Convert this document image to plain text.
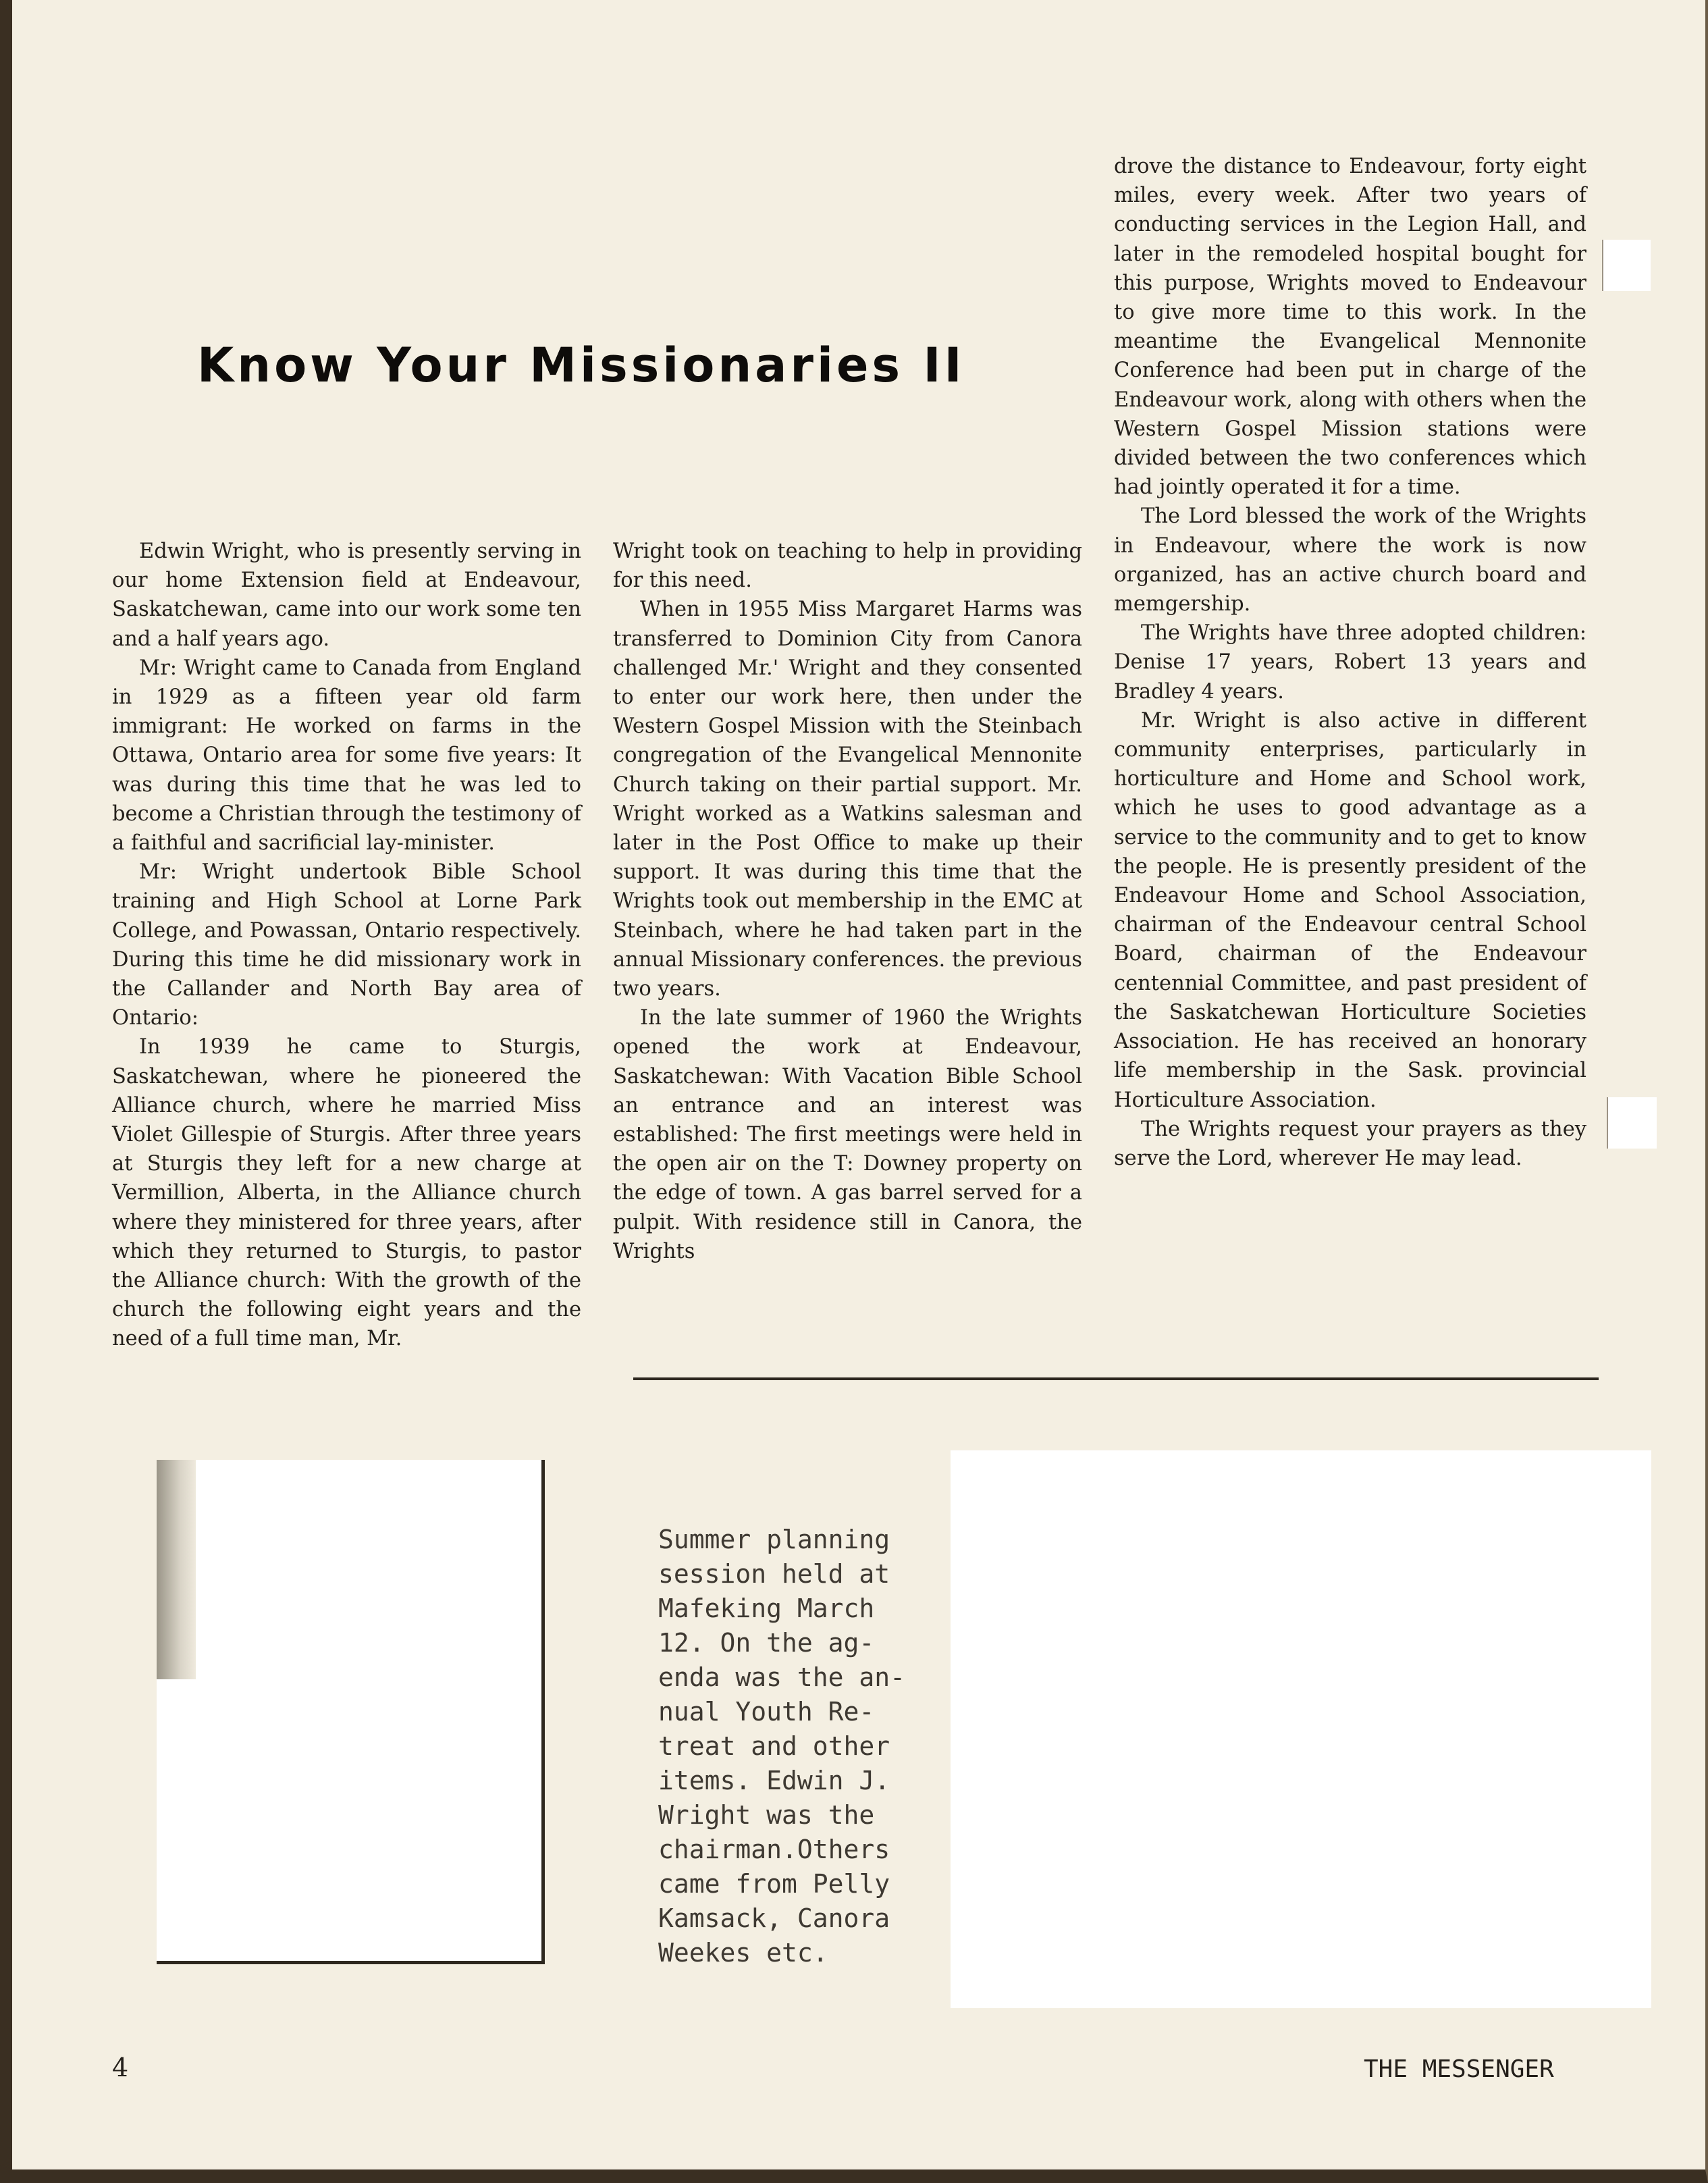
Know Your Missionaries II

Edwin Wright, who is presently serving in our home Extension field at Endeavour, Saskatchewan, came into our work some ten and a half years ago.

Mr: Wright came to Canada from England in 1929 as a fifteen year old farm immigrant: He worked on farms in the Ottawa, Ontario area for some five years: It was during this time that he was led to become a Christian through the testimony of a faithful and sacrificial lay-minister.

Mr: Wright undertook Bible School training and High School at Lorne Park College, and Powassan, Ontario respectively. During this time he did missionary work in the Callander and North Bay area of Ontario:

In 1939 he came to Sturgis, Saskatchewan, where he pioneered the Alliance church, where he married Miss Violet Gillespie of Sturgis. After three years at Sturgis they left for a new charge at Vermillion, Alberta, in the Alliance church where they ministered for three years, after which they returned to Sturgis, to pastor the Alliance church: With the growth of the church the following eight years and the need of a full time man, Mr.

Wright took on teaching to help in providing for this need.

When in 1955 Miss Margaret Harms was transferred to Dominion City from Canora challenged Mr.' Wright and they consented to enter our work here, then under the Western Gospel Mission with the Steinbach congregation of the Evangelical Mennonite Church taking on their partial support. Mr. Wright worked as a Watkins salesman and later in the Post Office to make up their support. It was during this time that the Wrights took out membership in the EMC at Steinbach, where he had taken part in the annual Missionary conferences. the previous two years.

In the late summer of 1960 the Wrights opened the work at Endeavour, Saskatchewan: With Vacation Bible School an entrance and an interest was established: The first meetings were held in the open air on the T: Downey property on the edge of town. A gas barrel served for a pulpit. With residence still in Canora, the Wrights

drove the distance to Endeavour, forty eight miles, every week. After two years of conducting services in the Legion Hall, and later in the remodeled hospital bought for this purpose, Wrights moved to Endeavour to give more time to this work. In the meantime the Evangelical Mennonite Conference had been put in charge of the Endeavour work, along with others when the Western Gospel Mission stations were divided between the two conferences which had jointly operated it for a time.

The Lord blessed the work of the Wrights in Endeavour, where the work is now organized, has an active church board and memgership.

The Wrights have three adopted children: Denise 17 years, Robert 13 years and Bradley 4 years.

Mr. Wright is also active in different community enterprises, particularly in horticulture and Home and School work, which he uses to good advantage as a service to the community and to get to know the people. He is presently president of the Endeavour Home and School Association, chairman of the Endeavour central School Board, chairman of the Endeavour centennial Committee, and past president of the Saskatchewan Horticulture Societies Association. He has received an honorary life membership in the Sask. provincial Horticulture Association.

The Wrights request your prayers as they serve the Lord, wherever He may lead.

Summer planning
session held at
Mafeking March
12. On the ag-
enda was the an-
nual Youth Re-
treat and other
items. Edwin J.
Wright was the
chairman.Others
came from Pelly
Kamsack, Canora
Weekes etc.
4	THE MESSENGER
